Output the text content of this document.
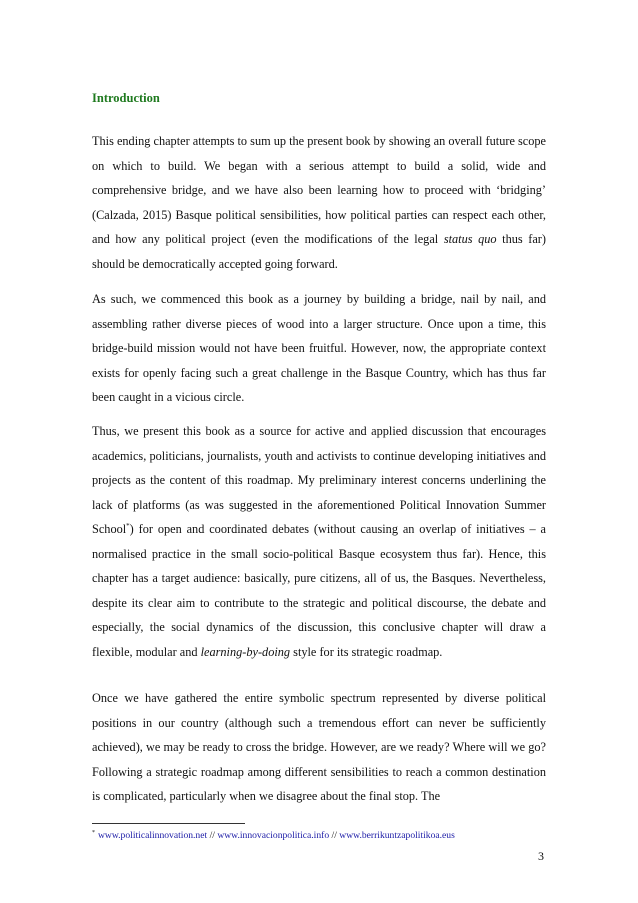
Introduction

This ending chapter attempts to sum up the present book by showing an overall future scope on which to build. We began with a serious attempt to build a solid, wide and comprehensive bridge, and we have also been learning how to proceed with ‘bridging’ (Calzada, 2015) Basque political sensibilities, how political parties can respect each other, and how any political project (even the modifications of the legal status quo thus far) should be democratically accepted going forward.

As such, we commenced this book as a journey by building a bridge, nail by nail, and assembling rather diverse pieces of wood into a larger structure. Once upon a time, this bridge-build mission would not have been fruitful. However, now, the appropriate context exists for openly facing such a great challenge in the Basque Country, which has thus far been caught in a vicious circle.

Thus, we present this book as a source for active and applied discussion that encourages academics, politicians, journalists, youth and activists to continue developing initiatives and projects as the content of this roadmap. My preliminary interest concerns underlining the lack of platforms (as was suggested in the aforementioned Political Innovation Summer School*) for open and coordinated debates (without causing an overlap of initiatives – a normalised practice in the small socio-political Basque ecosystem thus far). Hence, this chapter has a target audience: basically, pure citizens, all of us, the Basques. Nevertheless, despite its clear aim to contribute to the strategic and political discourse, the debate and especially, the social dynamics of the discussion, this conclusive chapter will draw a flexible, modular and learning-by-doing style for its strategic roadmap.

Once we have gathered the entire symbolic spectrum represented by diverse political positions in our country (although such a tremendous effort can never be sufficiently achieved), we may be ready to cross the bridge. However, are we ready? Where will we go? Following a strategic roadmap among different sensibilities to reach a common destination is complicated, particularly when we disagree about the final stop. The

* www.politicalinnovation.net // www.innovacionpolitica.info // www.berrikuntzapolitikoa.eus

3
